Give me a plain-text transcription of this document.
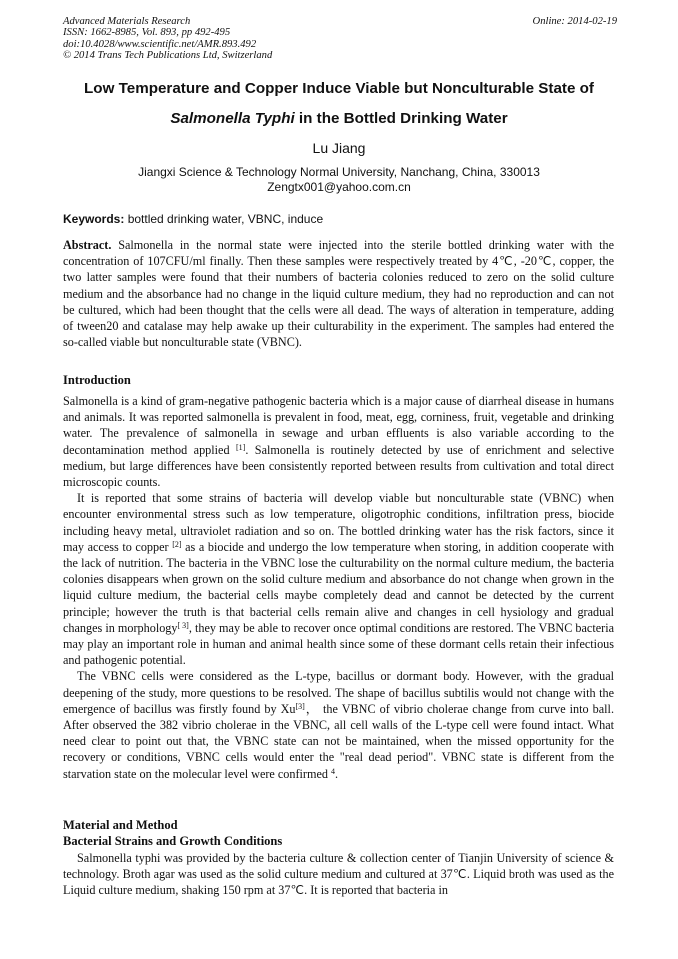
Advanced Materials Research
ISSN: 1662-8985, Vol. 893, pp 492-495
doi:10.4028/www.scientific.net/AMR.893.492
© 2014 Trans Tech Publications Ltd, Switzerland
Online: 2014-02-19
Low Temperature and Copper Induce Viable but Nonculturable State of
Salmonella Typhi in the Bottled Drinking Water
Lu Jiang
Jiangxi Science & Technology Normal University, Nanchang, China, 330013
Zengtx001@yahoo.com.cn
Keywords: bottled drinking water, VBNC, induce

Abstract. Salmonella in the normal state were injected into the sterile bottled drinking water with the concentration of 107CFU/ml finally. Then these samples were respectively treated by 4℃, -20℃, copper, the two latter samples were found that their numbers of bacteria colonies reduced to zero on the solid culture medium and the absorbance had no change in the liquid culture medium, they had no reproduction and can not be cultured, which had been thought that the cells were all dead. The ways of alteration in temperature, adding of tween20 and catalase may help awake up their culturability in the experiment. The samples had entered the so-called viable but nonculturable state (VBNC).

Introduction

Salmonella is a kind of gram-negative pathogenic bacteria which is a major cause of diarrheal disease in humans and animals. It was reported salmonella is prevalent in food, meat, egg, corniness, fruit, vegetable and drinking water. The prevalence of salmonella in sewage and urban effluents is also variable according to the decontamination method applied [1]. Salmonella is routinely detected by use of enrichment and selective medium, but large differences have been consistently reported between results from cultivation and total direct microscopic counts.

It is reported that some strains of bacteria will develop viable but nonculturable state (VBNC) when encounter environmental stress such as low temperature, oligotrophic conditions, infiltration press, biocide including heavy metal, ultraviolet radiation and so on. The bottled drinking water has the risk factors, since it may access to copper [2] as a biocide and undergo the low temperature when storing, in addition cooperate with the lack of nutrition. The bacteria in the VBNC lose the culturability on the normal culture medium, the bacteria colonies disappears when grown on the solid culture medium and absorbance do not change when grown in the liquid culture medium, the bacterial cells maybe completely dead and cannot be detected by the current principle; however the truth is that bacterial cells remain alive and changes in cell hysiology and gradual changes in morphology[ 3], they may be able to recover once optimal conditions are restored. The VBNC bacteria may play an important role in human and animal health since some of these dormant cells retain their infectious and pathogenic potential.

The VBNC cells were considered as the L-type, bacillus or dormant body. However, with the gradual deepening of the study, more questions to be resolved. The shape of bacillus subtilis would not change with the emergence of bacillus was firstly found by Xu[3]， the VBNC of vibrio cholerae change from curve into ball. After observed the 382 vibrio cholerae in the VBNC, all cell walls of the L-type cell were found intact. What need clear to point out that, the VBNC state can not be maintained, when the missed opportunity for the recovery or conditions, VBNC cells would enter the "real dead period". VBNC state is different from the starvation state on the molecular level were confirmed $^4$.

Material and Method
Bacterial Strains and Growth Conditions

Salmonella typhi was provided by the bacteria culture & collection center of Tianjin University of science & technology. Broth agar was used as the solid culture medium and cultured at 37℃. Liquid broth was used as the Liquid culture medium, shaking 150 rpm at 37℃. It is reported that bacteria in
